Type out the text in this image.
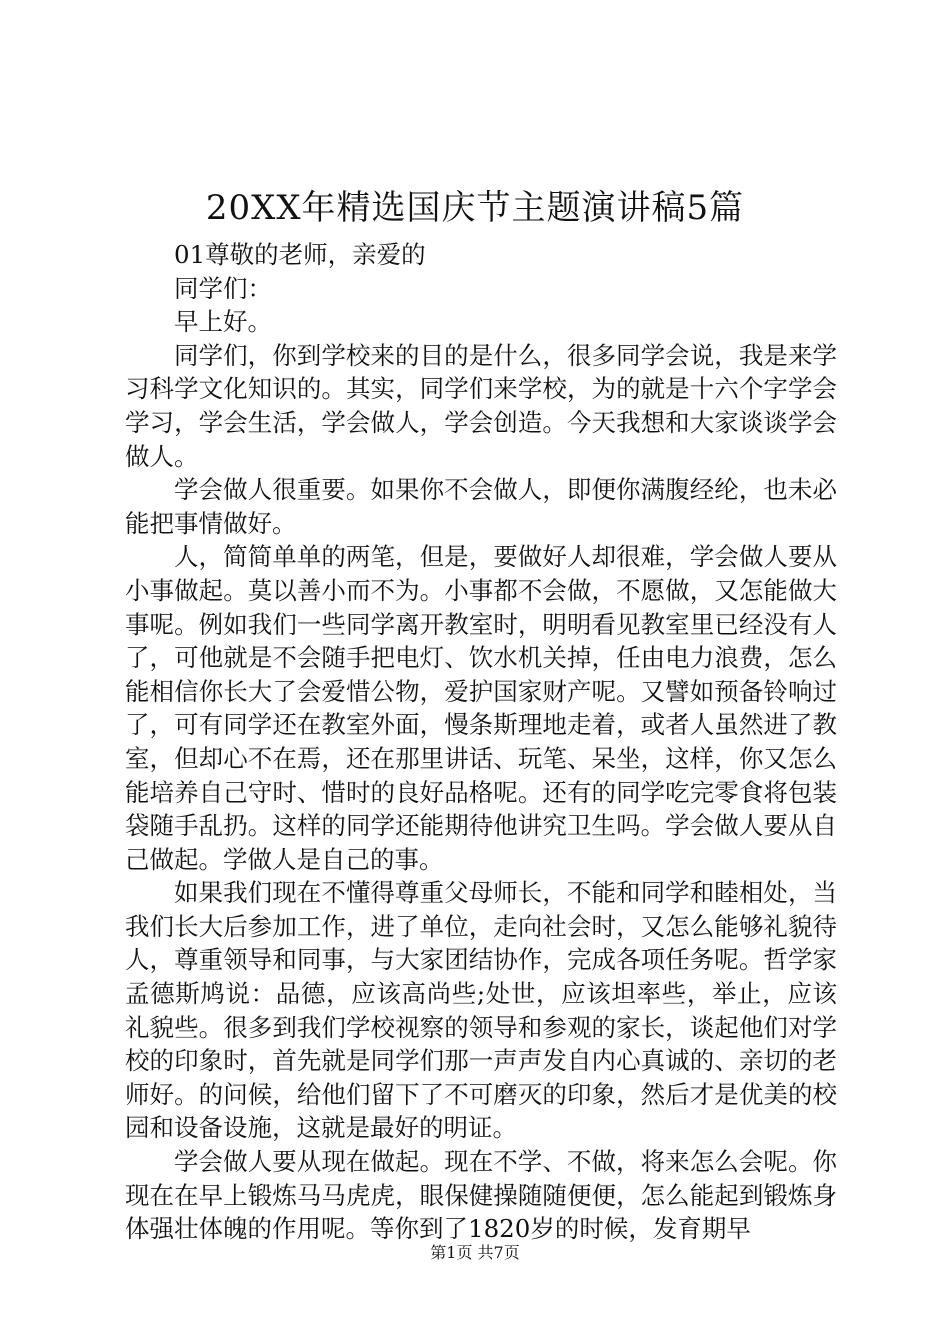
20XX年精选国庆节主题演讲稿5篇

01尊敬的老师，亲爱的

同学们：

早上好。

同学们，你到学校来的目的是什么，很多同学会说，我是来学习科学文化知识的。其实，同学们来学校，为的就是十六个字学会学习，学会生活，学会做人，学会创造。今天我想和大家谈谈学会做人。

学会做人很重要。如果你不会做人，即便你满腹经纶，也未必能把事情做好。

人，简简单单的两笔，但是，要做好人却很难，学会做人要从小事做起。莫以善小而不为。小事都不会做，不愿做，又怎能做大事呢。例如我们一些同学离开教室时，明明看见教室里已经没有人了，可他就是不会随手把电灯、饮水机关掉，任由电力浪费，怎么能相信你长大了会爱惜公物，爱护国家财产呢。又譬如预备铃响过了，可有同学还在教室外面，慢条斯理地走着，或者人虽然进了教室，但却心不在焉，还在那里讲话、玩笔、呆坐，这样，你又怎么能培养自己守时、惜时的良好品格呢。还有的同学吃完零食将包装袋随手乱扔。这样的同学还能期待他讲究卫生吗。学会做人要从自己做起。学做人是自己的事。

如果我们现在不懂得尊重父母师长，不能和同学和睦相处，当我们长大后参加工作，进了单位，走向社会时，又怎么能够礼貌待人，尊重领导和同事，与大家团结协作，完成各项任务呢。哲学家孟德斯鸠说：品德，应该高尚些;处世，应该坦率些，举止，应该礼貌些。很多到我们学校视察的领导和参观的家长，谈起他们对学校的印象时，首先就是同学们那一声声发自内心真诚的、亲切的老师好。的问候，给他们留下了不可磨灭的印象，然后才是优美的校园和设备设施，这就是最好的明证。

学会做人要从现在做起。现在不学、不做，将来怎么会呢。你现在在早上锻炼马马虎虎，眼保健操随随便便，怎么能起到锻炼身体强壮体魄的作用呢。等你到了1820岁的时候，发育期早

第1页 共7页
